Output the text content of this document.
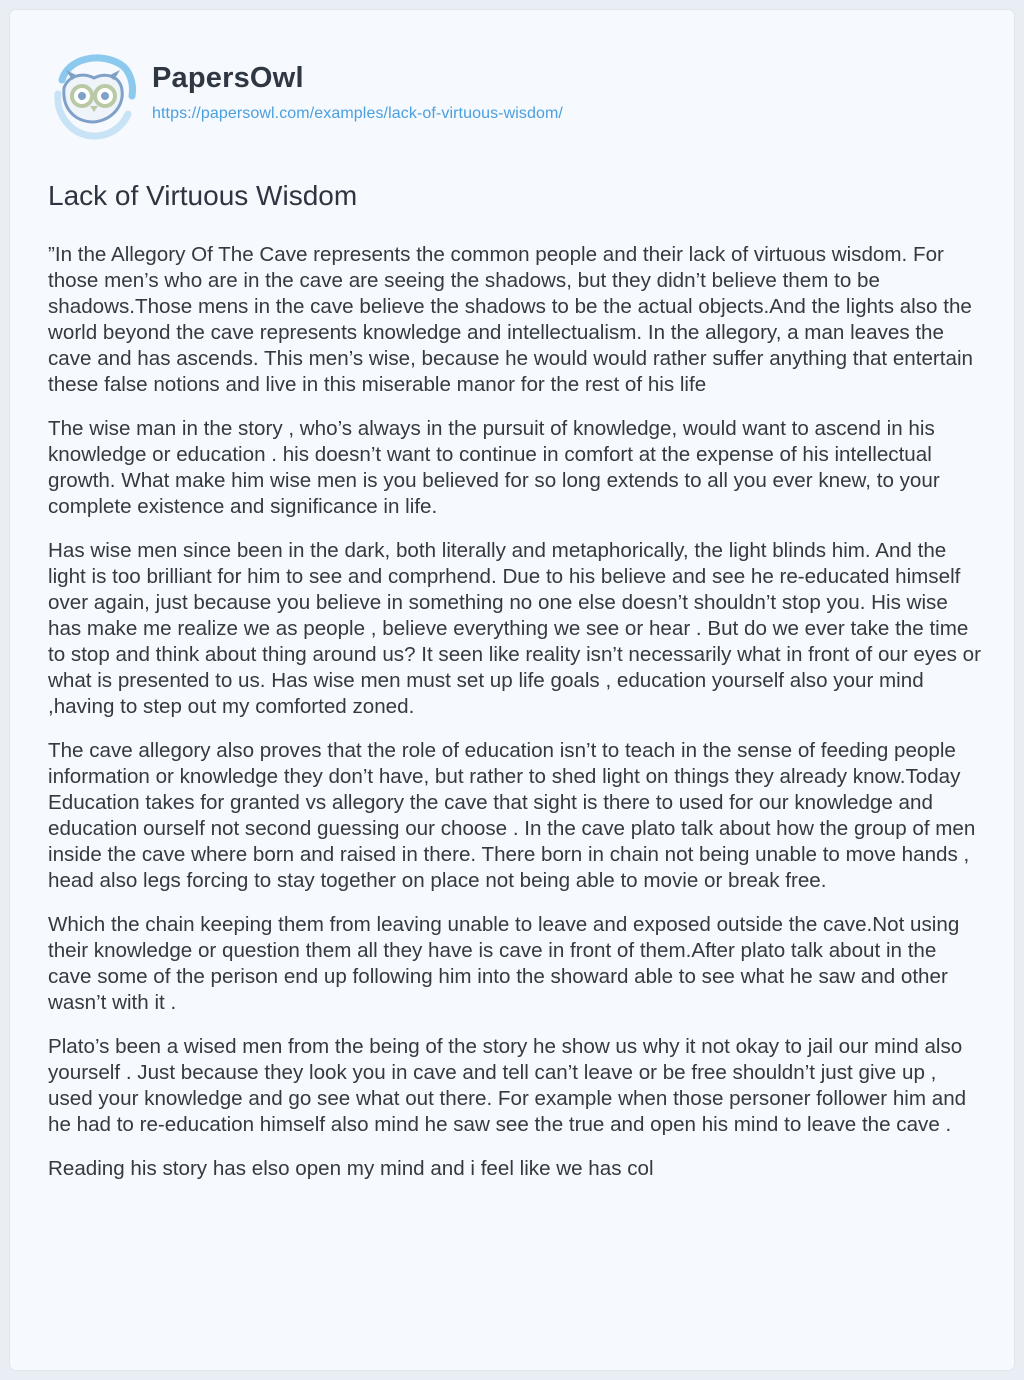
PapersOwl
https://papersowl.com/examples/lack-of-virtuous-wisdom/
Lack of Virtuous Wisdom

”In the Allegory Of The Cave represents the common people and their lack of virtuous wisdom. For those men’s who are in the cave are seeing the shadows, but they didn’t believe them to be shadows.Those mens in the cave believe the shadows to be the actual objects.And the lights also the world beyond the cave represents knowledge and intellectualism. In the allegory, a man leaves the cave and has ascends. This men’s wise, because he would would rather suffer anything that entertain these false notions and live in this miserable manor for the rest of his life

The wise man in the story , who’s always in the pursuit of knowledge, would want to ascend in his knowledge or education . his doesn’t want to continue in comfort at the expense of his intellectual growth. What make him wise men is you believed for so long extends to all you ever knew, to your complete existence and significance in life.

Has wise men since been in the dark, both literally and metaphorically, the light blinds him. And the light is too brilliant for him to see and comprhend. Due to his believe and see he re-educated himself over again, just because you believe in something no one else doesn’t shouldn’t stop you. His wise has make me realize we as people , believe everything we see or hear . But do we ever take the time to stop and think about thing around us? It seen like reality isn’t necessarily what in front of our eyes or what is presented to us. Has wise men must set up life goals , education yourself also your mind ,having to step out my comforted zoned.

The cave allegory also proves that the role of education isn’t to teach in the sense of feeding people information or knowledge they don’t have, but rather to shed light on things they already know.Today Education takes for granted vs allegory the cave that sight is there to used for our knowledge and education ourself not second guessing our choose . In the cave plato talk about how the group of men inside the cave where born and raised in there. There born in chain not being unable to move hands , head also legs forcing to stay together on place not being able to movie or break free.

Which the chain keeping them from leaving unable to leave and exposed outside the cave.Not using their knowledge or question them all they have is cave in front of them.After plato talk about in the cave some of the perison end up following him into the showard able to see what he saw and other wasn’t with it .

Plato’s been a wised men from the being of the story he show us why it not okay to jail our mind also yourself . Just because they look you in cave and tell can’t leave or be free shouldn’t just give up , used your knowledge and go see what out there. For example when those personer follower him and he had to re-education himself also mind he saw see the true and open his mind to leave the cave .

Reading his story has elso open my mind and i feel like we has col
